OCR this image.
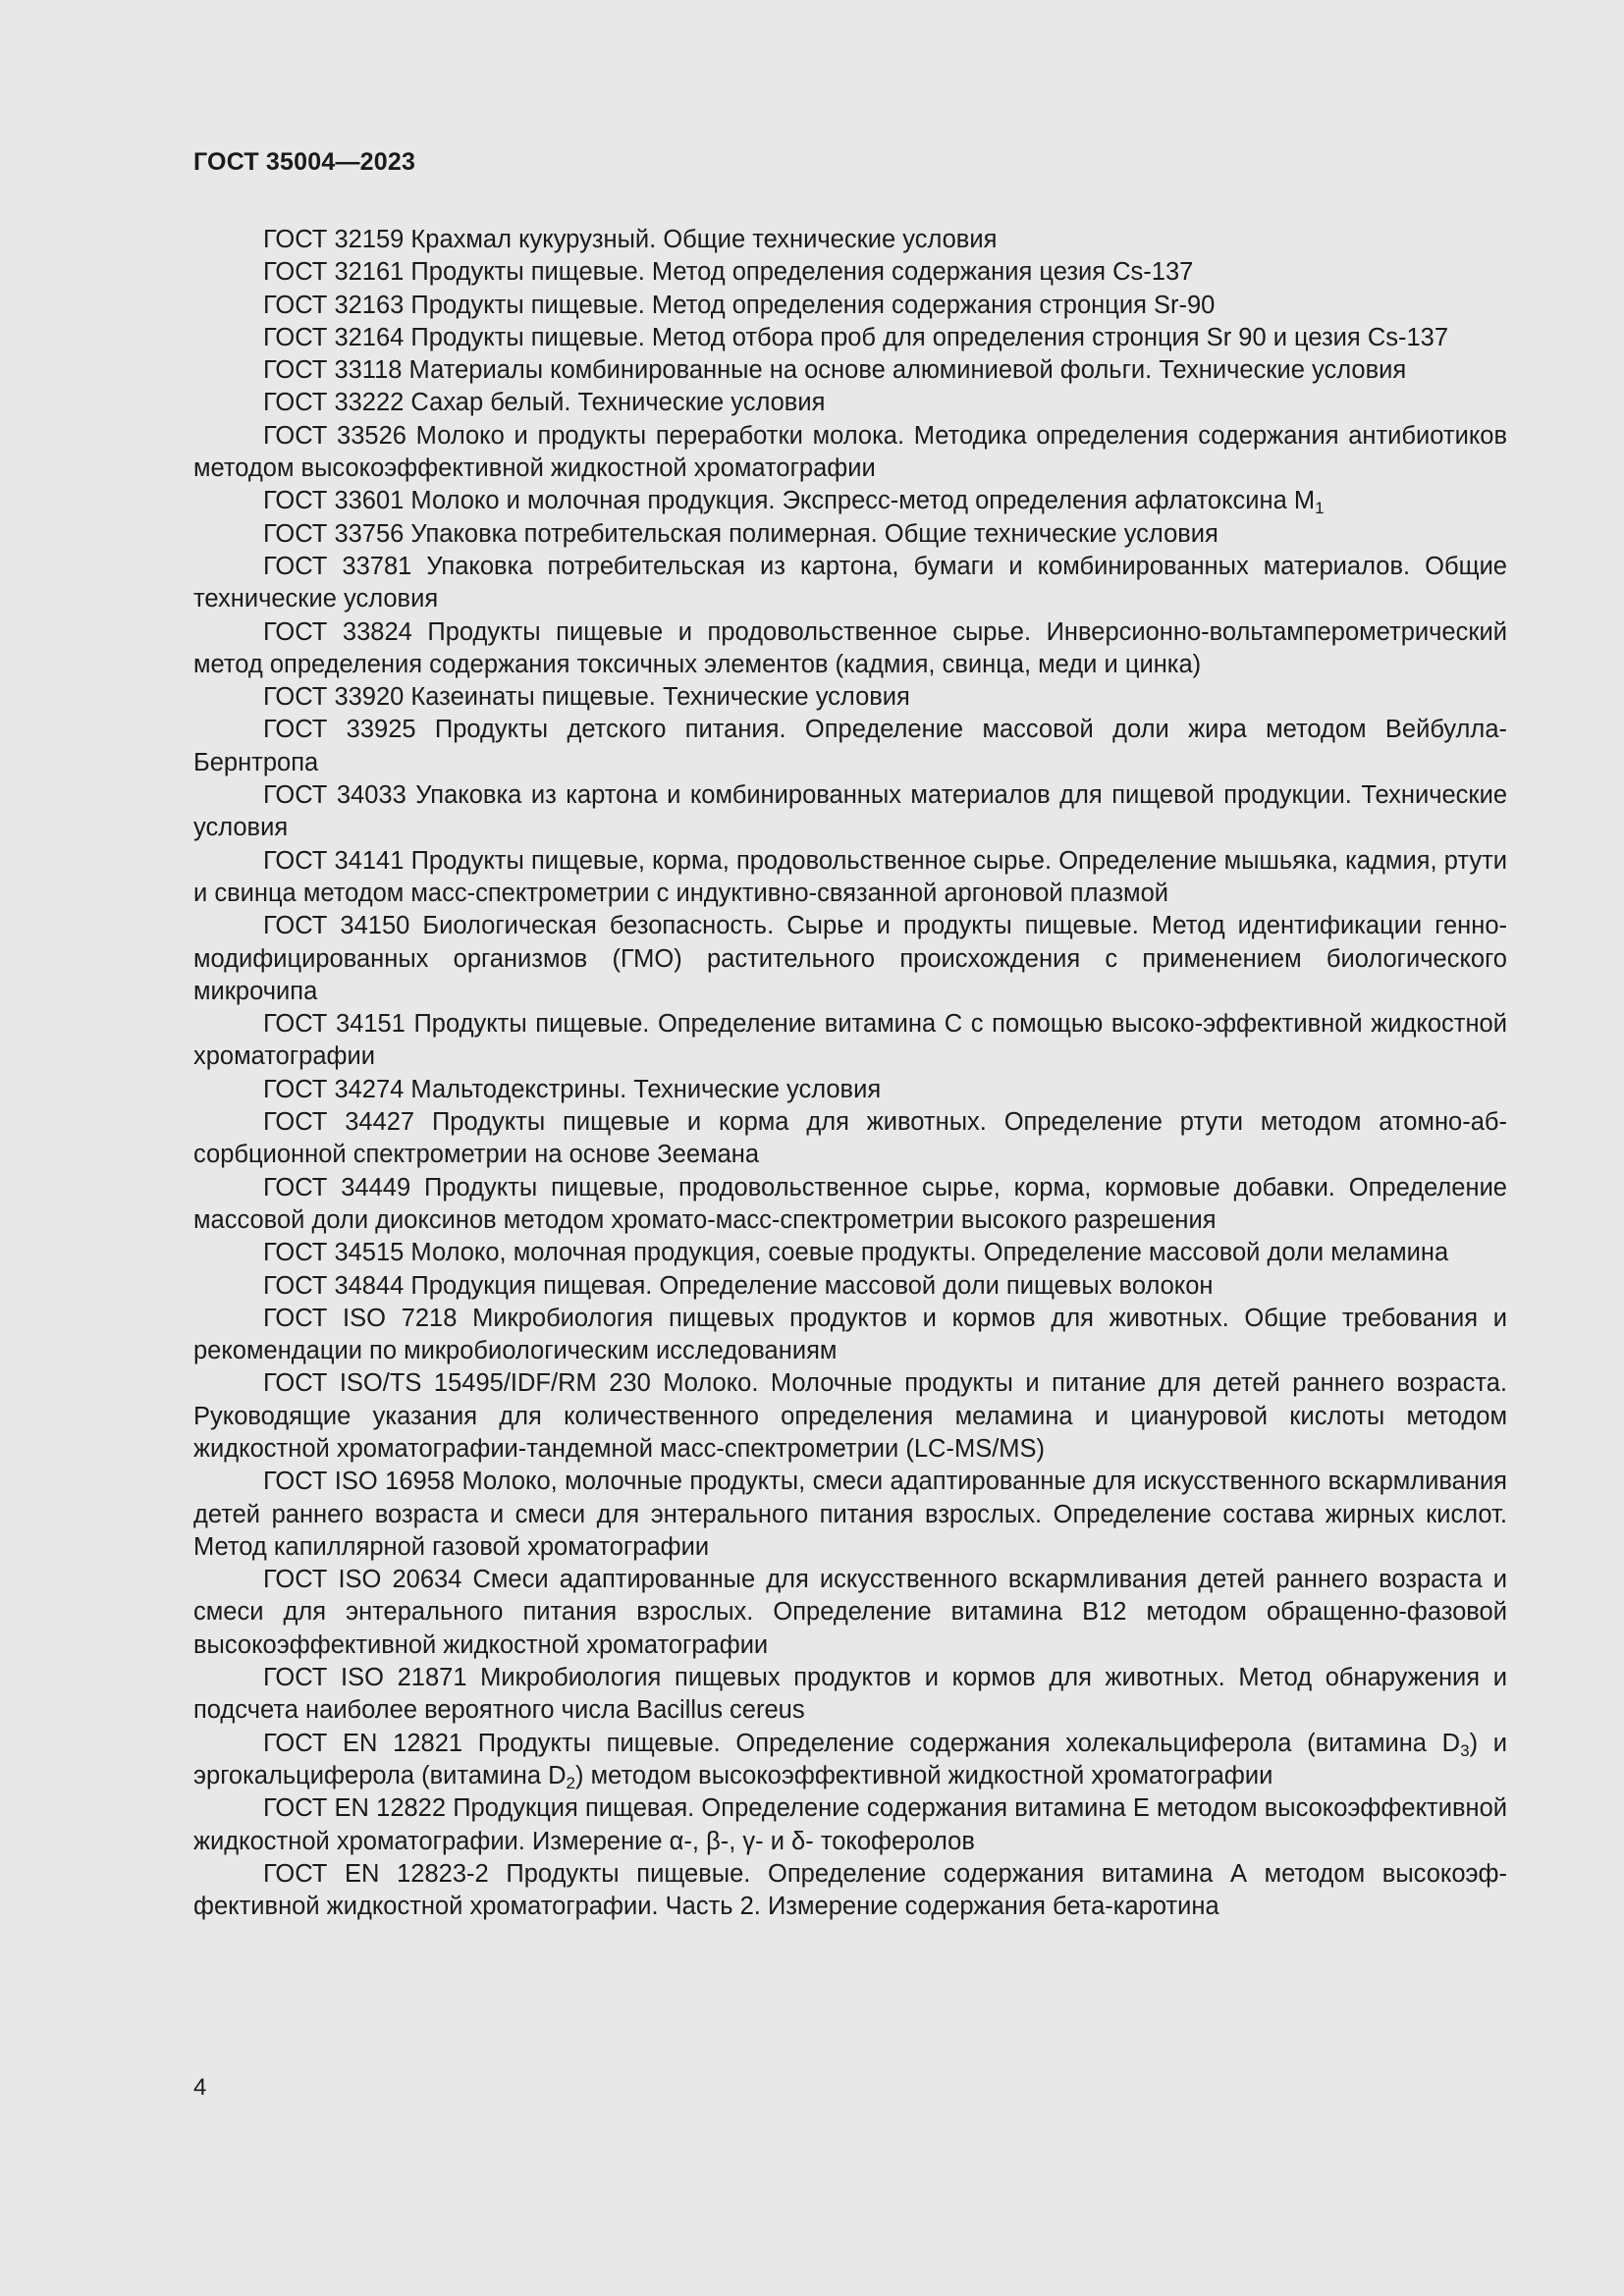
ГОСТ 35004—2023

ГОСТ 32159 Крахмал кукурузный. Общие технические условия

ГОСТ 32161 Продукты пищевые. Метод определения содержания цезия Cs-137

ГОСТ 32163 Продукты пищевые. Метод определения содержания стронция Sr-90

ГОСТ 32164 Продукты пищевые. Метод отбора проб для определения стронция Sr 90 и цезия Cs-137

ГОСТ 33118 Материалы комбинированные на основе алюминиевой фольги. Технические условия

ГОСТ 33222 Сахар белый. Технические условия

ГОСТ 33526 Молоко и продукты переработки молока. Методика определения содержания антибиотиков методом высокоэффективной жидкостной хроматографии

ГОСТ 33601 Молоко и молочная продукция. Экспресс-метод определения афлатоксина $M_1$

ГОСТ 33756 Упаковка потребительская полимерная. Общие технические условия

ГОСТ 33781 Упаковка потребительская из картона, бумаги и комбинированных материалов. Общие технические условия

ГОСТ 33824 Продукты пищевые и продовольственное сырье. Инверсионно-вольтамперометрический метод определения содержания токсичных элементов (кадмия, свинца, меди и цинка)

ГОСТ 33920 Казеинаты пищевые. Технические условия

ГОСТ 33925 Продукты детского питания. Определение массовой доли жира методом Вейбулла-Бернтропа

ГОСТ 34033 Упаковка из картона и комбинированных материалов для пищевой продукции. Технические условия

ГОСТ 34141 Продукты пищевые, корма, продовольственное сырье. Определение мышьяка, кадмия, ртути и свинца методом масс-спектрометрии с индуктивно-связанной аргоновой плазмой

ГОСТ 34150 Биологическая безопасность. Сырье и продукты пищевые. Метод идентификации генно-модифицированных организмов (ГМО) растительного происхождения с применением биологического микрочипа

ГОСТ 34151 Продукты пищевые. Определение витамина С с помощью высоко-эффективной жидкостной хроматографии

ГОСТ 34274 Мальтодекстрины. Технические условия

ГОСТ 34427 Продукты пищевые и корма для животных. Определение ртути методом атомно-абсорбционной спектрометрии на основе Зеемана

ГОСТ 34449 Продукты пищевые, продовольственное сырье, корма, кормовые добавки. Определение массовой доли диоксинов методом хромато-масс-спектрометрии высокого разрешения

ГОСТ 34515 Молоко, молочная продукция, соевые продукты. Определение массовой доли меламина

ГОСТ 34844 Продукция пищевая. Определение массовой доли пищевых волокон

ГОСТ ISO 7218 Микробиология пищевых продуктов и кормов для животных. Общие требования и рекомендации по микробиологическим исследованиям

ГОСТ ISO/TS 15495/IDF/RM 230 Молоко. Молочные продукты и питание для детей раннего возраста. Руководящие указания для количественного определения меламина и циануровой кислоты методом жидкостной хроматографии-тандемной масс-спектрометрии (LC-MS/MS)

ГОСТ ISO 16958 Молоко, молочные продукты, смеси адаптированные для искусственного вскармливания детей раннего возраста и смеси для энтерального питания взрослых. Определение состава жирных кислот. Метод капиллярной газовой хроматографии

ГОСТ ISO 20634 Смеси адаптированные для искусственного вскармливания детей раннего возраста и смеси для энтерального питания взрослых. Определение витамина B12 методом обращенно-фазовой высокоэффективной жидкостной хроматографии

ГОСТ ISO 21871 Микробиология пищевых продуктов и кормов для животных. Метод обнаружения и подсчета наиболее вероятного числа Bacillus cereus

ГОСТ EN 12821 Продукты пищевые. Определение содержания холекальциферола (витамина $D_3$) и эргокальциферола (витамина $D_2$) методом высокоэффективной жидкостной хроматографии

ГОСТ EN 12822 Продукция пищевая. Определение содержания витамина Е методом высокоэффективной жидкостной хроматографии. Измерение α-, β-, γ- и δ- токоферолов

ГОСТ EN 12823-2 Продукты пищевые. Определение содержания витамина А методом высокоэффективной жидкостной хроматографии. Часть 2. Измерение содержания бета-каротина

4
